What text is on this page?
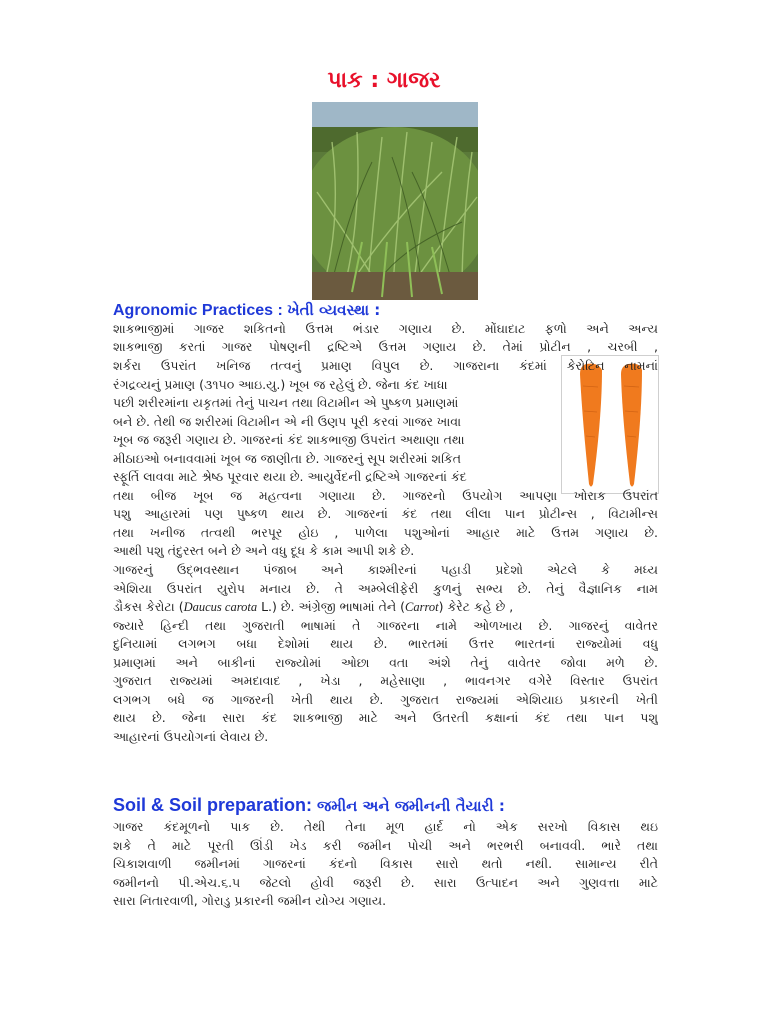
પાક : ગાજર
Agronomic Practices : ખેતી વ્યવસ્થા :
શાકભાજીમાં ગાજર શકિતનો ઉત્તમ ભંડાર ગણાય છે. મોંઘાદાટ ફળો અને અન્ય
શાકભાજી કરતાં ગાજર પોષણની દ્રષ્ટિએ ઉત્તમ ગણાય છે. તેમાં પ્રોટીન , ચરબી ,
શર્કરા ઉપરાંત ખનિજ તત્વનું પ્રમાણ વિપુલ છે. ગાજરાના કંદમાં કેરોટિન નામનાં
રંગદ્રવ્યનું પ્રમાણ (૩૧૫૦ આઇ.યુ.) ખૂબ જ રહેલું છે. જેના કંદ ખાધા
પછી શરીરમાંના યકૃતમાં તેનું પાચન તથા વિટામીન એ પુષ્કળ પ્રમાણમાં
બને છે. તેથી જ શરીરમાં વિટામીન એ ની ઉણપ પૂરી કરવાં ગાજર ખાવા
ખૂબ જ જરૂરી ગણાય છે. ગાજરનાં કંદ શાકભાજી ઉપરાંત અથાણા તથા
મીઠાઇઓ બનાવવામાં ખૂબ જ જાણીતા છે. ગાજરનું સૂપ શરીરમાં શકિત
સ્ફૂર્તિ લાવવા માટે શ્રેષ્ઠ પૂરવાર થયા છે. આયુર્વેદની દ્રષ્ટિએ ગાજરનાં કંદ
તથા બીજ ખૂબ જ મહત્વના ગણાયા છે. ગાજરનો ઉપયોગ આપણા ખોરાક ઉપરાંત
પશુ આહારમાં પણ પુષ્કળ થાય છે. ગાજરનાં કંદ તથા લીલા પાન પ્રોટીન્સ , વિટામીન્સ
તથા ખનીજ તત્વથી ભરપૂર હોઇ , પાળેલા પશુઓનાં આહાર માટે ઉત્તમ ગણાય છે.
આથી પશુ તંદુરસ્ત બને છે અને વધુ દૂધ કે કામ આપી શકે છે.
ગાજરનું ઉદ્ભવસ્થાન પંજાબ અને કાશ્મીરનાં પહાડી પ્રદેશો એટલે કે મધ્ય
એશિયા ઉપરાંત યુરોપ મનાય છે. તે અમ્બેલીફેરી કુળનું સભ્ય છે. તેનું વૈજ્ઞાનિક નામ
ડૌકસ કેરોટા (Daucus carota L.) છે. અંગ્રેજી ભાષામાં તેને (Carrot) કેરેટ કહે છે ,
જ્યારે હિન્દી તથા ગુજરાતી ભાષામાં તે ગાજરના નામે ઓળખાય છે. ગાજરનું વાવેતર
દુનિયામાં લગભગ બધા દેશોમાં થાય છે. ભારતમાં ઉત્તર ભારતનાં રાજ્યોમાં વધુ
પ્રમાણમાં અને બાકીનાં રાજ્યોમાં ઓછા વતા અંશે તેનું વાવેતર જોવા મળે છે.
ગુજરાત રાજ્યમાં અમદાવાદ , ખેડા , મહેસાણા , ભાવનગર વગેરે વિસ્તાર ઉપરાંત
લગભગ બધે જ ગાજરની ખેતી થાય છે. ગુજરાત રાજ્યમાં એશિયાઇ પ્રકારની ખેતી
થાય છે. જેના સારા કંદ શાકભાજી માટે અને ઉતરતી કક્ષાનાં કંદ તથા પાન પશુ
આહારનાં ઉપયોગનાં લેવાય છે.
Soil & Soil preparation: જમીન અને જમીનની તૈયારી :
ગાજર કંદમૂળનો પાક છે. તેથી તેના મૂળ હાર્દ નો એક સરખો વિકાસ થઇ
શકે તે માટે પૂરતી ઊંડી ખેડ કરી જમીન પોચી અને ભરભરી બનાવવી. ભારે તથા
ચિકાશવાળી જમીનમાં ગાજરનાં કંદનો વિકાસ સારો થતો નથી. સામાન્ય રીતે
જમીનનો પી.એચ.૬.૫ જેટલો હોવી જરૂરી છે. સારા ઉત્પાદન અને ગુણવત્તા માટે
સારા નિતારવાળી, ગોરાડુ પ્રકારની જમીન યોગ્ય ગણાય.
